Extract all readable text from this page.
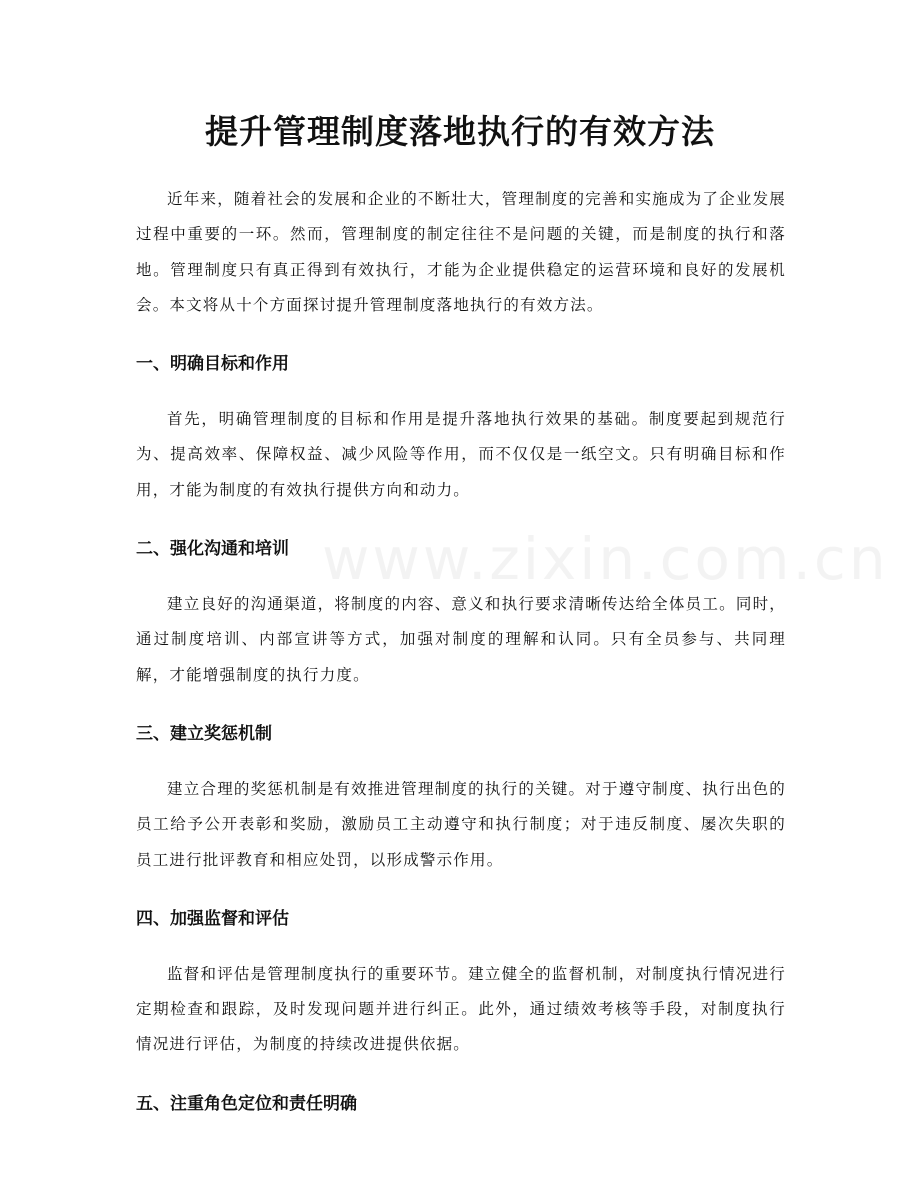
提升管理制度落地执行的有效方法
www.zixin.com.cn

近年来，随着社会的发展和企业的不断壮大，管理制度的完善和实施成为了企业发展过程中重要的一环。然而，管理制度的制定往往不是问题的关键，而是制度的执行和落地。管理制度只有真正得到有效执行，才能为企业提供稳定的运营环境和良好的发展机会。本文将从十个方面探讨提升管理制度落地执行的有效方法。

一、明确目标和作用

首先，明确管理制度的目标和作用是提升落地执行效果的基础。制度要起到规范行为、提高效率、保障权益、减少风险等作用，而不仅仅是一纸空文。只有明确目标和作用，才能为制度的有效执行提供方向和动力。

二、强化沟通和培训

建立良好的沟通渠道，将制度的内容、意义和执行要求清晰传达给全体员工。同时，通过制度培训、内部宣讲等方式，加强对制度的理解和认同。只有全员参与、共同理解，才能增强制度的执行力度。

三、建立奖惩机制

建立合理的奖惩机制是有效推进管理制度的执行的关键。对于遵守制度、执行出色的员工给予公开表彰和奖励，激励员工主动遵守和执行制度；对于违反制度、屡次失职的员工进行批评教育和相应处罚，以形成警示作用。

四、加强监督和评估

监督和评估是管理制度执行的重要环节。建立健全的监督机制，对制度执行情况进行定期检查和跟踪，及时发现问题并进行纠正。此外，通过绩效考核等手段，对制度执行情况进行评估，为制度的持续改进提供依据。

五、注重角色定位和责任明确
